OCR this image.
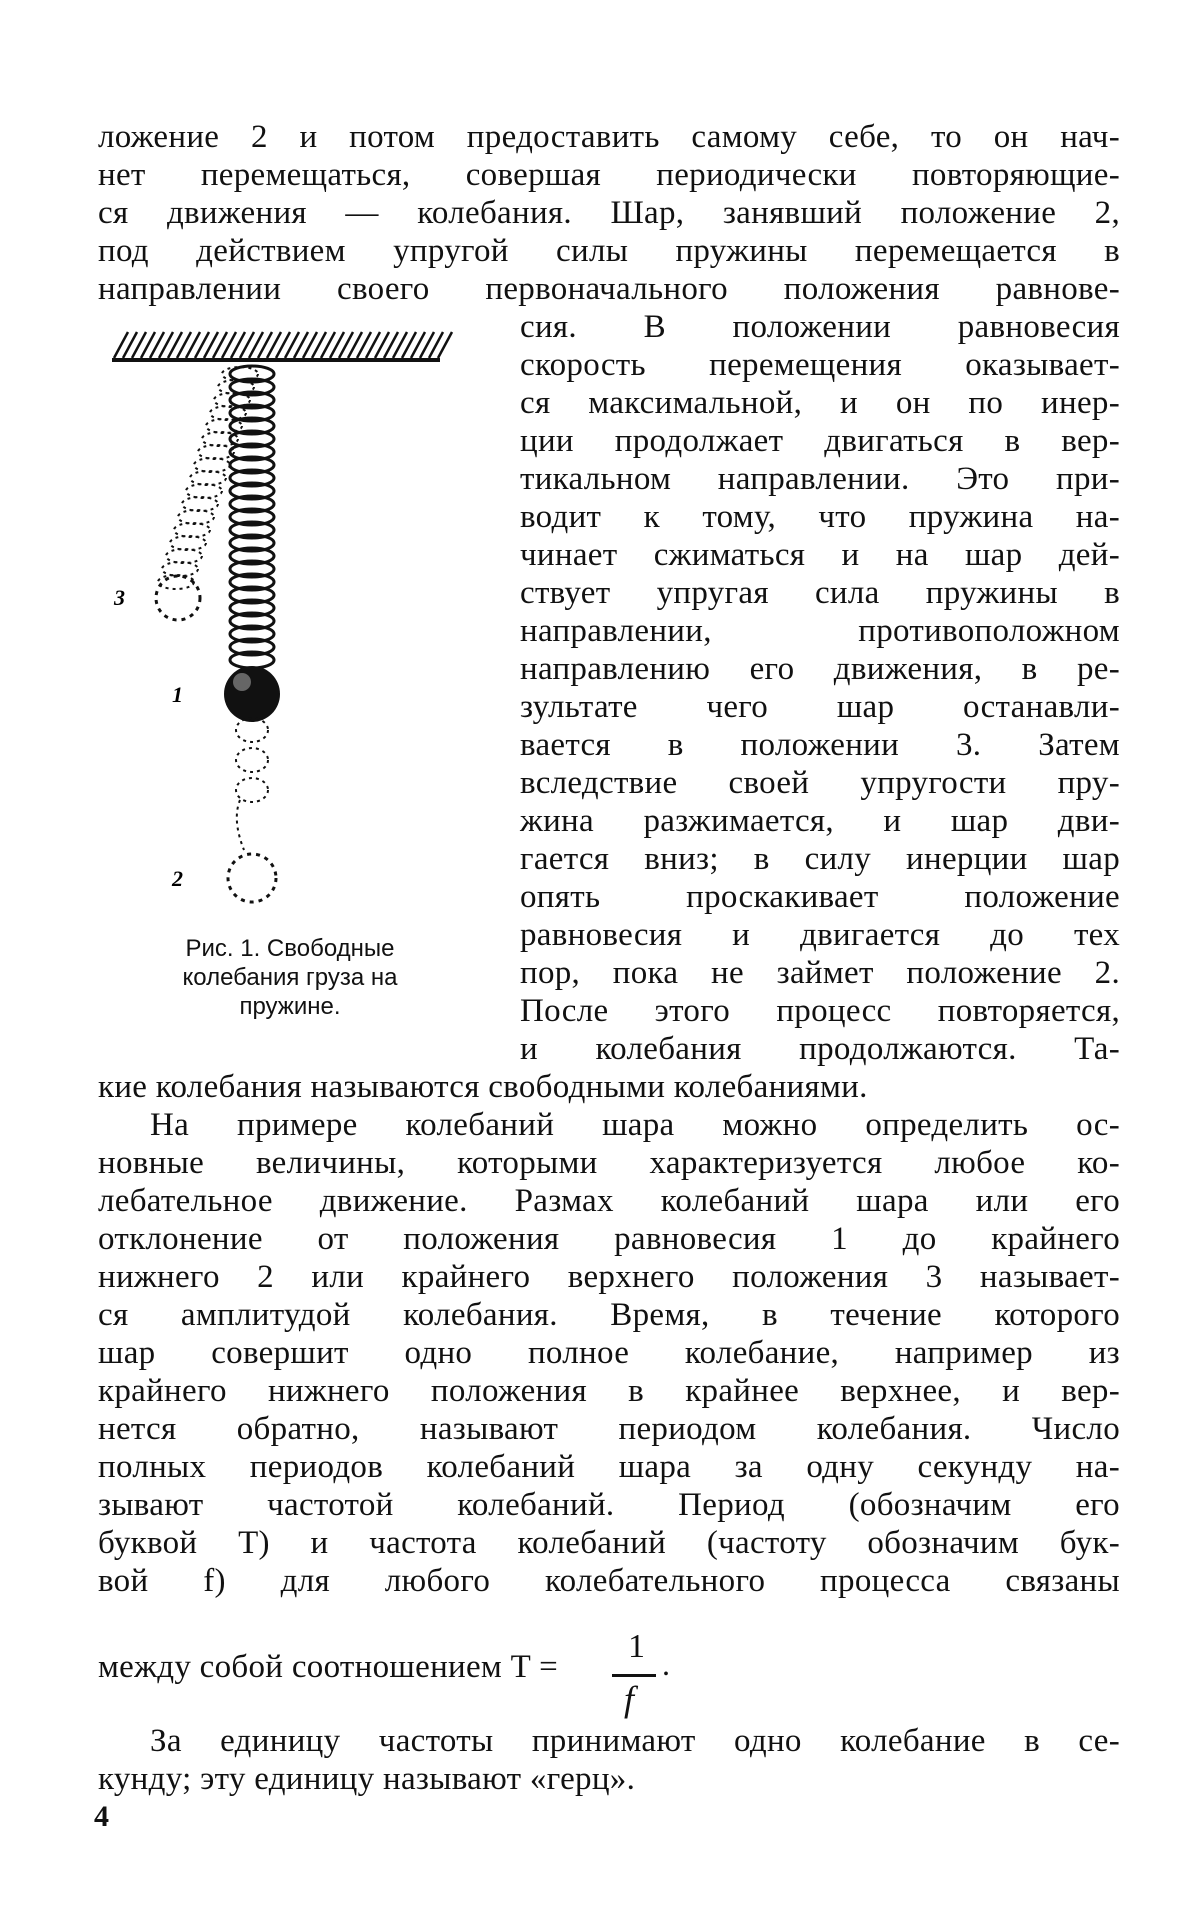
ложение 2 и потом предоставить самому себе, то он нач-
нет перемещаться, совершая периодически повторяющие-
ся движения — колебания. Шар, занявший положение 2,
под действием упругой силы пружины перемещается в
направлении своего первоначального положения равнове-
сия. В положении равновесия
скорость перемещения оказывает-
ся максимальной, и он по инер-
ции продолжает двигаться в вер-
тикальном направлении. Это при-
водит к тому, что пружина на-
чинает сжиматься и на шар дей-
ствует упругая сила пружины в
направлении, противоположном
направлению его движения, в ре-
зультате чего шар останавли-
вается в положении 3. Затем
вследствие своей упругости пру-
жина разжимается, и шар дви-
гается вниз; в силу инерции шар
опять проскакивает положение
равновесия и двигается до тех
пор, пока не займет положение 2.
После этого процесс повторяется,
и колебания продолжаются. Та-
3
1
2
Рис. 1. Свободные
колебания груза на
пружине.
кие колебания называются свободными колебаниями.
На примере колебаний шара можно определить ос-
новные величины, которыми характеризуется любое ко-
лебательное движение. Размах колебаний шара или его
отклонение от положения равновесия 1 до крайнего
нижнего 2 или крайнего верхнего положения 3 называет-
ся амплитудой колебания. Время, в течение которого
шар совершит одно полное колебание, например из
крайнего нижнего положения в крайнее верхнее, и вер-
нется обратно, называют периодом колебания. Число
полных периодов колебаний шара за одну секунду на-
зывают частотой колебаний. Период (обозначим его
буквой T) и частота колебаний (частоту обозначим бук-
вой f) для любого колебательного процесса связаны
между собой соотношением T =
1
f
.
За единицу частоты принимают одно колебание в се-
кунду; эту единицу называют «герц».
4
